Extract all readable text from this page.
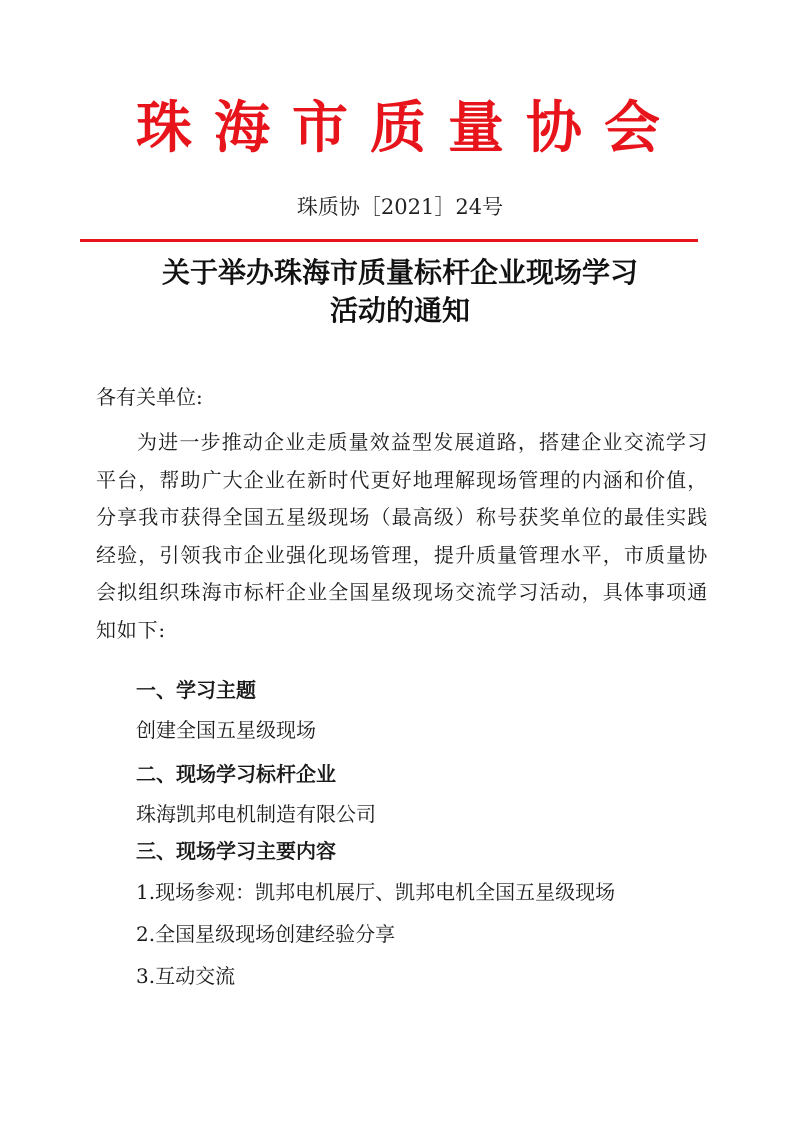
珠海市质量协会
珠质协［2021］24号
关于举办珠海市质量标杆企业现场学习
活动的通知
各有关单位:
为进一步推动企业走质量效益型发展道路，搭建企业交流学习平台，帮助广大企业在新时代更好地理解现场管理的内涵和价值，分享我市获得全国五星级现场（最高级）称号获奖单位的最佳实践经验，引领我市企业强化现场管理，提升质量管理水平，市质量协会拟组织珠海市标杆企业全国星级现场交流学习活动，具体事项通知如下:
一、学习主题
创建全国五星级现场
二、现场学习标杆企业
珠海凯邦电机制造有限公司
三、现场学习主要内容
1.现场参观：凯邦电机展厅、凯邦电机全国五星级现场
2.全国星级现场创建经验分享
3.互动交流
